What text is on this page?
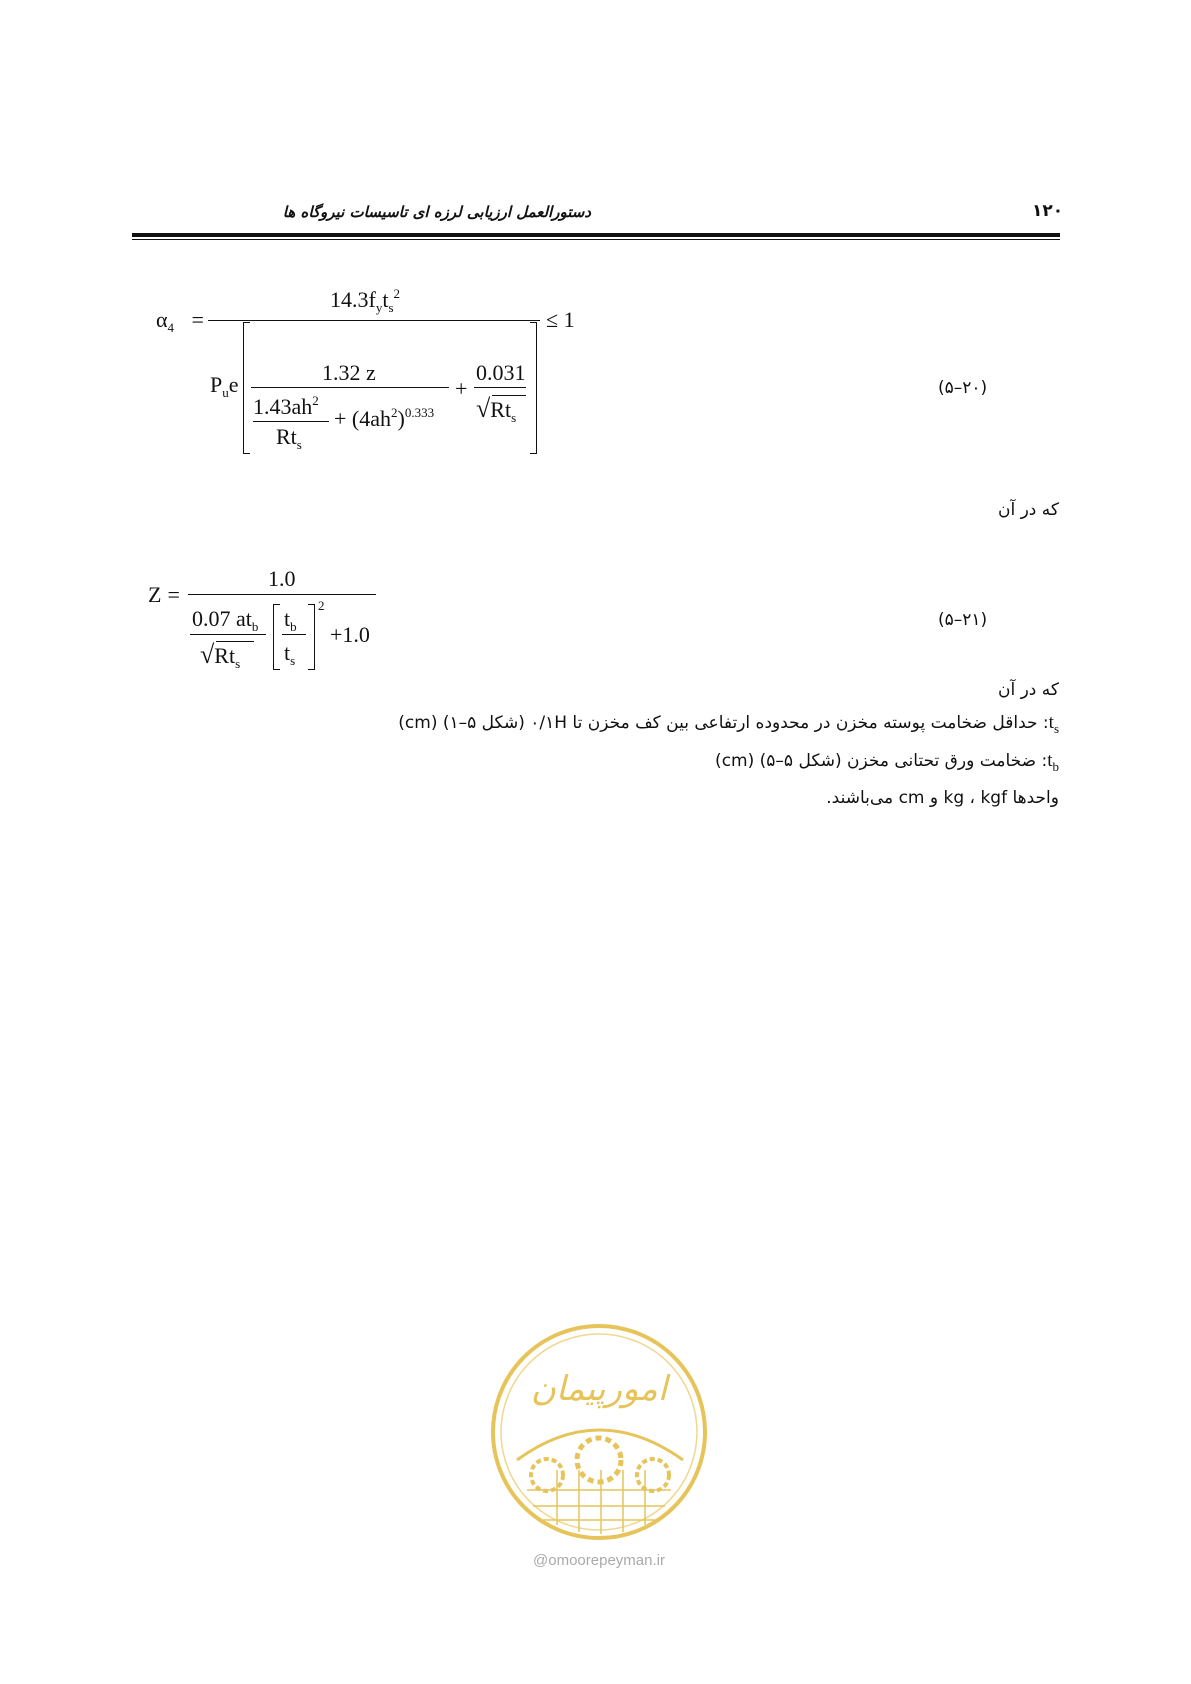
دستورالعمل ارزیابی لرزه ای تاسیسات نیروگاه ها	۱۲۰
$\alpha_4$ =
$14.3f_yt_s^2$
≤ 1
$P_ue$	1.32 z
$1.43ah^2$
$Rt_s$
+ $(4ah^2)^{0.333}$
+
0.031
$√Rt_s$
(۵–۲۰)
که در آن
Z =
1.0
0.07 $at_b$
$√Rt_s$
$t_b$
$t_s$
2
+1.0
(۵–۲۱)
که در آن
$t_s$: حداقل ضخامت پوسته مخزن در محدوده ارتفاعی بین کف مخزن تا ۰/۱H (شکل ۵–۱) (cm)
$t_b$: ضخامت ورق تحتانی مخزن (شکل ۵–۵) (cm)
واحدها kg ، kgf و cm می‌باشند.
امورپیمان
@omoorepeyman.ir
